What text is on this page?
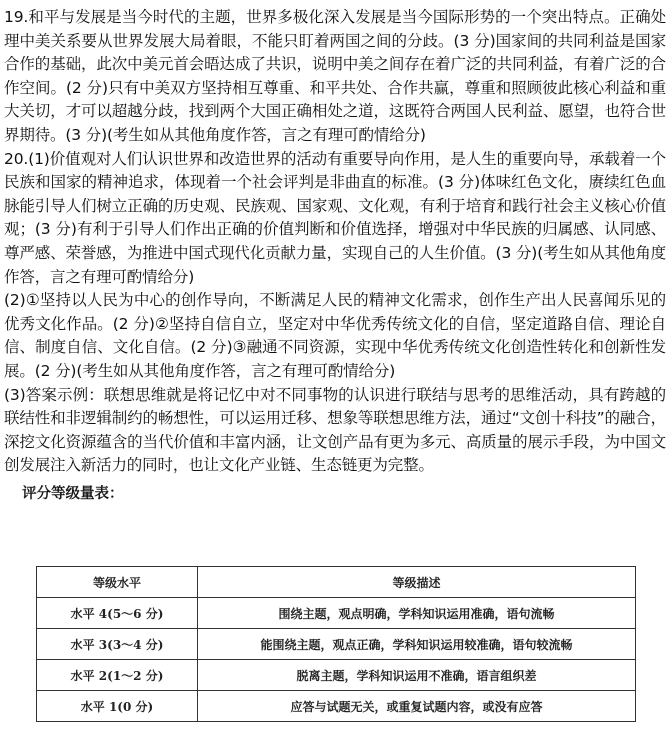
19.和平与发展是当今时代的主题，世界多极化深入发展是当今国际形势的一个突出特点。正确处理中美关系要从世界发展大局着眼，不能只盯着两国之间的分歧。(3 分)国家间的共同利益是国家合作的基础，此次中美元首会晤达成了共识，说明中美之间存在着广泛的共同利益，有着广泛的合作空间。(2 分)只有中美双方坚持相互尊重、和平共处、合作共赢，尊重和照顾彼此核心利益和重大关切，才可以超越分歧，找到两个大国正确相处之道，这既符合两国人民利益、愿望，也符合世界期待。(3 分)(考生如从其他角度作答，言之有理可酌情给分)

20.(1)价值观对人们认识世界和改造世界的活动有重要导向作用，是人生的重要向导，承载着一个民族和国家的精神追求，体现着一个社会评判是非曲直的标准。(3 分)体味红色文化，赓续红色血脉能引导人们树立正确的历史观、民族观、国家观、文化观，有利于培育和践行社会主义核心价值观；(3 分)有利于引导人们作出正确的价值判断和价值选择，增强对中华民族的归属感、认同感、尊严感、荣誉感，为推进中国式现代化贡献力量，实现自己的人生价值。(3 分)(考生如从其他角度作答，言之有理可酌情给分)

(2)①坚持以人民为中心的创作导向，不断满足人民的精神文化需求，创作生产出人民喜闻乐见的优秀文化作品。(2 分)②坚持自信自立，坚定对中华优秀传统文化的自信，坚定道路自信、理论自信、制度自信、文化自信。(2 分)③融通不同资源，实现中华优秀传统文化创造性转化和创新性发展。(2 分)(考生如从其他角度作答，言之有理可酌情给分)

(3)答案示例：联想思维就是将记忆中对不同事物的认识进行联结与思考的思维活动，具有跨越的联结性和非逻辑制约的畅想性，可以运用迁移、想象等联想思维方法，通过“文创十科技”的融合，深挖文化资源蕴含的当代价值和丰富内涵，让文创产品有更为多元、高质量的展示手段，为中国文创发展注入新活力的同时，也让文化产业链、生态链更为完整。

评分等级量表：
等级水平	等级描述
水平 4(5～6 分)	围绕主题，观点明确，学科知识运用准确，语句流畅
水平 3(3～4 分)	能围绕主题，观点正确，学科知识运用较准确，语句较流畅
水平 2(1～2 分)	脱离主题，学科知识运用不准确，语言组织差
水平 1(0 分)	应答与试题无关，或重复试题内容，或没有应答
